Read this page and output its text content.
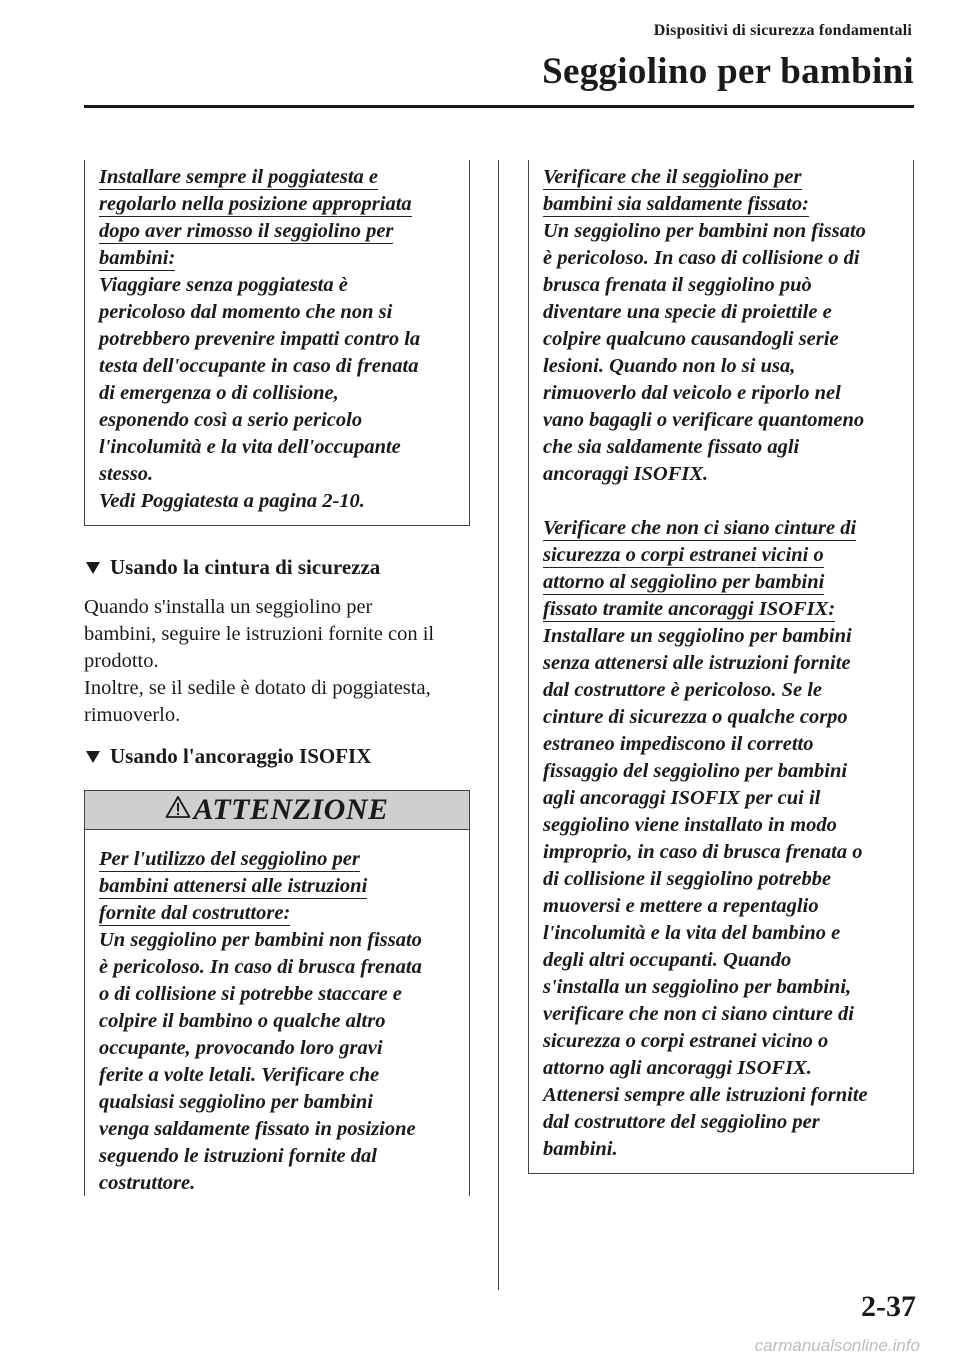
Dispositivi di sicurezza fondamentali
Seggiolino per bambini
Installare sempre il poggiatesta e
regolarlo nella posizione appropriata
dopo aver rimosso il seggiolino per
bambini:
Viaggiare senza poggiatesta è
pericoloso dal momento che non si
potrebbero prevenire impatti contro la
testa dell'occupante in caso di frenata
di emergenza o di collisione,
esponendo così a serio pericolo
l'incolumità e la vita dell'occupante
stesso.
Vedi Poggiatesta a pagina 2-10.
Usando la cintura di sicurezza
Quando s'installa un seggiolino per
bambini, seguire le istruzioni fornite con il
prodotto.
Inoltre, se il sedile è dotato di poggiatesta,
rimuoverlo.
Usando l'ancoraggio ISOFIX
ATTENZIONE
Per l'utilizzo del seggiolino per
bambini attenersi alle istruzioni
fornite dal costruttore:
Un seggiolino per bambini non fissato
è pericoloso. In caso di brusca frenata
o di collisione si potrebbe staccare e
colpire il bambino o qualche altro
occupante, provocando loro gravi
ferite a volte letali. Verificare che
qualsiasi seggiolino per bambini
venga saldamente fissato in posizione
seguendo le istruzioni fornite dal
costruttore.
Verificare che il seggiolino per
bambini sia saldamente fissato:
Un seggiolino per bambini non fissato
è pericoloso. In caso di collisione o di
brusca frenata il seggiolino può
diventare una specie di proiettile e
colpire qualcuno causandogli serie
lesioni. Quando non lo si usa,
rimuoverlo dal veicolo e riporlo nel
vano bagagli o verificare quantomeno
che sia saldamente fissato agli
ancoraggi ISOFIX.
Verificare che non ci siano cinture di
sicurezza o corpi estranei vicini o
attorno al seggiolino per bambini
fissato tramite ancoraggi ISOFIX:
Installare un seggiolino per bambini
senza attenersi alle istruzioni fornite
dal costruttore è pericoloso. Se le
cinture di sicurezza o qualche corpo
estraneo impediscono il corretto
fissaggio del seggiolino per bambini
agli ancoraggi ISOFIX per cui il
seggiolino viene installato in modo
improprio, in caso di brusca frenata o
di collisione il seggiolino potrebbe
muoversi e mettere a repentaglio
l'incolumità e la vita del bambino e
degli altri occupanti. Quando
s'installa un seggiolino per bambini,
verificare che non ci siano cinture di
sicurezza o corpi estranei vicino o
attorno agli ancoraggi ISOFIX.
Attenersi sempre alle istruzioni fornite
dal costruttore del seggiolino per
bambini.
2-37
carmanualsonline.info
